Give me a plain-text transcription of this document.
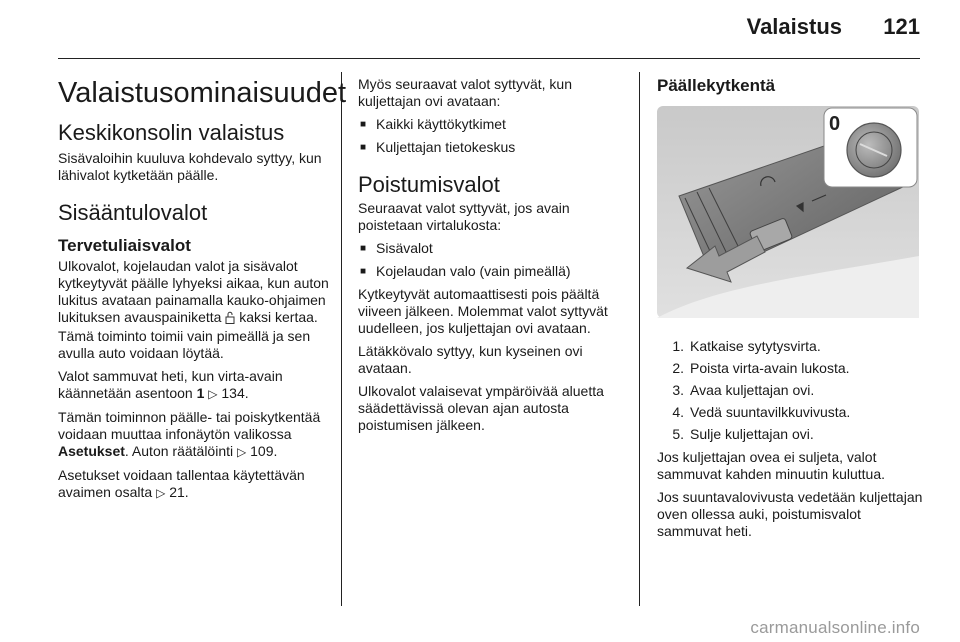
Valaistus 121
Valaistusominaisuudet
Keskikonsolin valaistus

Sisävaloihin kuuluva kohdevalo syttyy, kun lähivalot kytketään päälle.

Sisääntulovalot
Tervetuliaisvalot

Ulkovalot, kojelaudan valot ja sisävalot kytkeytyvät päälle lyhyeksi aikaa, kun auton lukitus avataan painamalla kauko-ohjaimen lukituksen avauspainiketta kaksi kertaa. Tämä toiminto toimii vain pimeällä ja sen avulla auto voidaan löytää.

Valot sammuvat heti, kun virta-avain käännetään asentoon 1 ▷ 134.

Tämän toiminnon päälle- tai poiskytkentää voidaan muuttaa infonäytön valikossa Asetukset. Auton räätälöinti ▷ 109.

Asetukset voidaan tallentaa käytettävän avaimen osalta ▷ 21.

Myös seuraavat valot syttyvät, kun kuljettajan ovi avataan:

■ Kaikki käyttökytkimet
■ Kuljettajan tietokeskus
Poistumisvalot

Seuraavat valot syttyvät, jos avain poistetaan virtalukosta:

■ Sisävalot
■ Kojelaudan valo (vain pimeällä)

Kytkeytyvät automaattisesti pois päältä viiveen jälkeen. Molemmat valot syttyvät uudelleen, jos kuljettajan ovi avataan.

Lätäkkövalo syttyy, kun kyseinen ovi avataan.

Ulkovalot valaisevat ympäröivää aluetta säädettävissä olevan ajan autosta poistumisen jälkeen.

Päällekytkentä
0
1. Katkaise sytytysvirta.
2. Poista virta-avain lukosta.
3. Avaa kuljettajan ovi.
4. Vedä suuntavilkkuvivusta.
5. Sulje kuljettajan ovi.

Jos kuljettajan ovea ei suljeta, valot sammuvat kahden minuutin kuluttua.

Jos suuntavalovivusta vedetään kuljettajan oven ollessa auki, poistumisvalot sammuvat heti.

carmanualsonline.info
